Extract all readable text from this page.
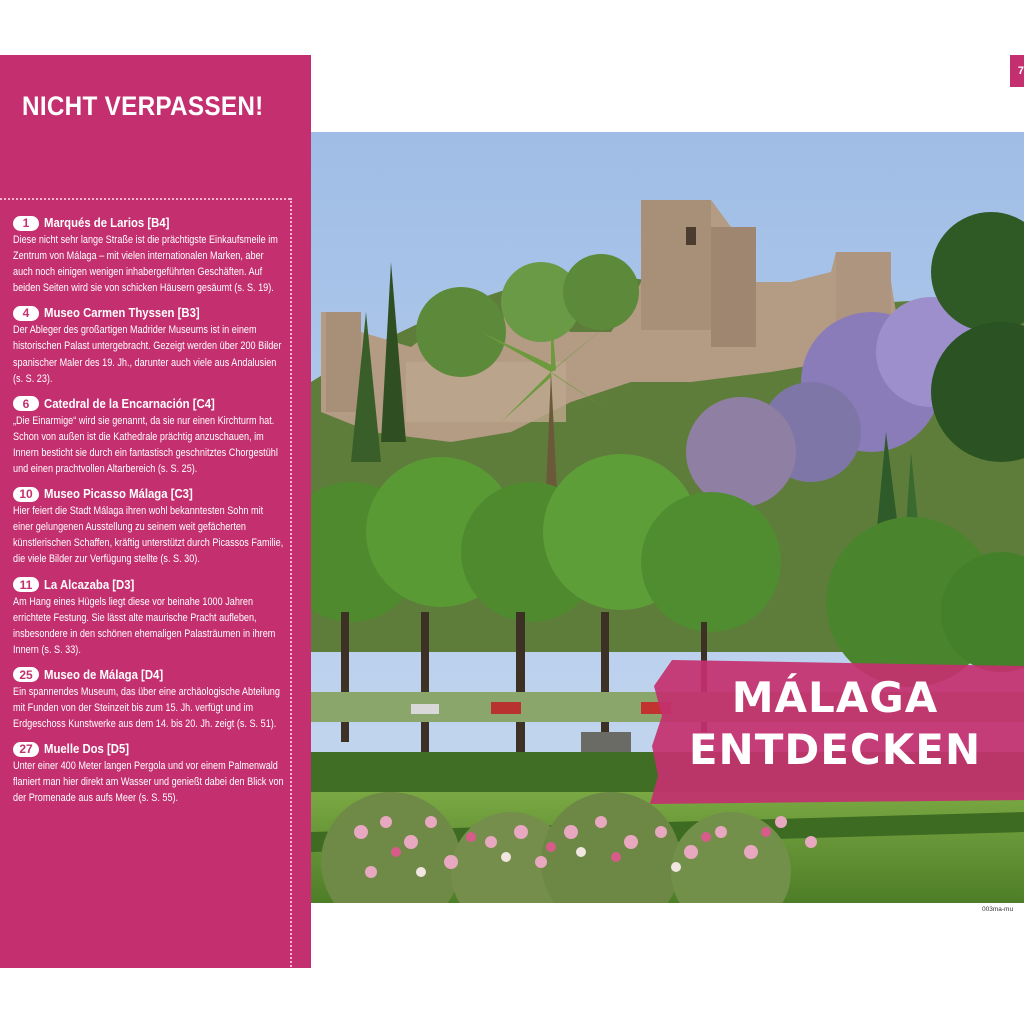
NICHT VERPASSEN!
1	Marqués de Larios [B4]
Diese nicht sehr lange Straße ist die prächtigste Einkaufsmeile im Zentrum von Málaga – mit vielen internationalen Marken, aber auch noch einigen wenigen inhabergeführten Geschäften. Auf beiden Seiten wird sie von schicken Häusern gesäumt (s. S. 19).
4	Museo Carmen Thyssen [B3]
Der Ableger des großartigen Madrider Museums ist in einem historischen Palast untergebracht. Gezeigt werden über 200 Bilder spanischer Maler des 19. Jh., darunter auch viele aus Andalusien (s. S. 23).
6	Catedral de la Encarnación [C4]
„Die Einarmige“ wird sie genannt, da sie nur einen Kirchturm hat. Schon von außen ist die Kathedrale prächtig anzuschauen, im Innern besticht sie durch ein fantastisch geschnitztes Chorgestühl und einen prachtvollen Altarbereich (s. S. 25).
10 Museo Picasso Málaga [C3]
Hier feiert die Stadt Málaga ihren wohl bekanntesten Sohn mit einer gelungenen Ausstellung zu seinem weit gefächerten künstlerischen Schaffen, kräftig unterstützt durch Picassos Familie, die viele Bilder zur Verfügung stellte (s. S. 30).
11 La Alcazaba [D3]
Am Hang eines Hügels liegt diese vor beinahe 1000 Jahren errichtete Festung. Sie lässt alte maurische Pracht aufleben, insbesondere in den schönen ehemaligen Palasträumen in ihrem Innern (s. S. 33).
25 Museo de Málaga [D4]
Ein spannendes Museum, das über eine archäologische Abteilung mit Funden von der Steinzeit bis zum 15. Jh. verfügt und im Erdgeschoss Kunstwerke aus dem 14. bis 20. Jh. zeigt (s. S. 51).
27 Muelle Dos [D5]
Unter einer 400 Meter langen Pergola und vor einem Palmenwald flaniert man hier direkt am Wasser und genießt dabei den Blick von der Promenade aus aufs Meer (s. S. 55).
7
MÁLAGA
ENTDECKEN
003ma-mu
